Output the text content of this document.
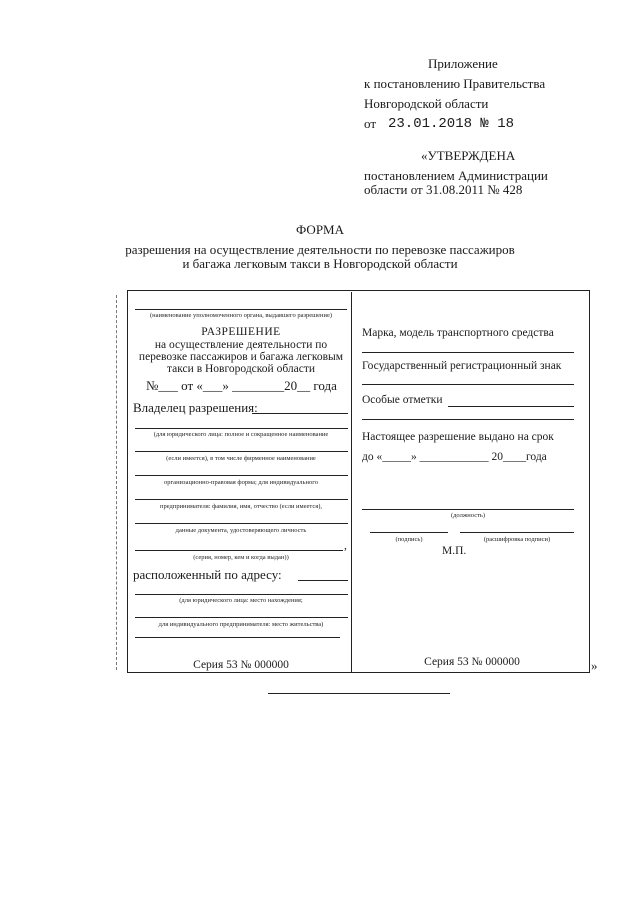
Приложение
к постановлению Правительства
Новгородской области
от 23.01.2018 № 18
«УТВЕРЖДЕНА
постановлением Администрации
области от 31.08.2011 № 428
ФОРМА
разрешения на осуществление деятельности по перевозке пассажиров
и багажа легковым такси в Новгородской области
(наименование уполномоченного органа, выдавшего разрешение)
РАЗРЕШЕНИЕ
на осуществление деятельности по
перевозке пассажиров и багажа легковым
такси в Новгородской области
№___ от «___» ________20__ года
Владелец разрешения:
(для юридического лица: полное и сокращенное наименование
(если имеется), в том числе фирменное наименование
организационно-правовая форма; для индивидуального
предпринимателя: фамилия, имя, отчество (если имеется),
данные документа, удостоверяющего личность
,
(серия, номер, кем и когда выдан))
расположенный по адресу:
(для юридического лица: место нахождения;
для индивидуального предпринимателя: место жительства)
Серия 53 № 000000
Марка, модель транспортного средства
Государственный регистрационный знак
Особые отметки
Настоящее разрешение выдано на срок
до «_____» ____________ 20____года
(должность)
(подпись)	(расшифровка подписи)
М.П.
Серия 53 № 000000	»
